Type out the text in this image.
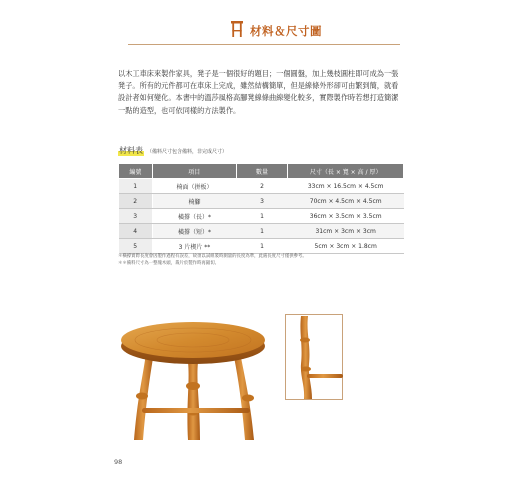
材料＆尺寸圖

以木工車床來製作家具，凳子是一個很好的題目；一個圓盤，加上幾枝圓柱即可成為一張凳子。所有的元件都可在車床上完成，雖然結構簡單，但是線條外形卻可由繁到簡，就看設計者如何變化。本書中的溫莎風格高腳凳線條曲線變化較多，實際製作時若想打造簡潔一點的造型，也可依同樣的方法製作。

材料表 （備料尺寸包含備料，非完成尺寸）
編號	項目	數量	尺寸（長 × 寬 × 高 / 厚）
1	椅面（拼板）	2	33cm × 16.5cm × 4.5cm
2	椅腳	3	70cm × 4.5cm × 4.5cm
3	橫撐（長）*	1	36cm × 3.5cm × 3.5cm
4	橫撐（短）*	1	31cm × 3cm × 3cm
5	3 片楔片 **	1	5cm × 3cm × 1.8cm
＊橫撐實際長度會因製作過程有誤差，故須以試組裝時測量的長度為準，此處長度尺寸僅供參考。
＊＊備料尺寸為一整塊木頭，裁片於製作時再鋸切。
98
